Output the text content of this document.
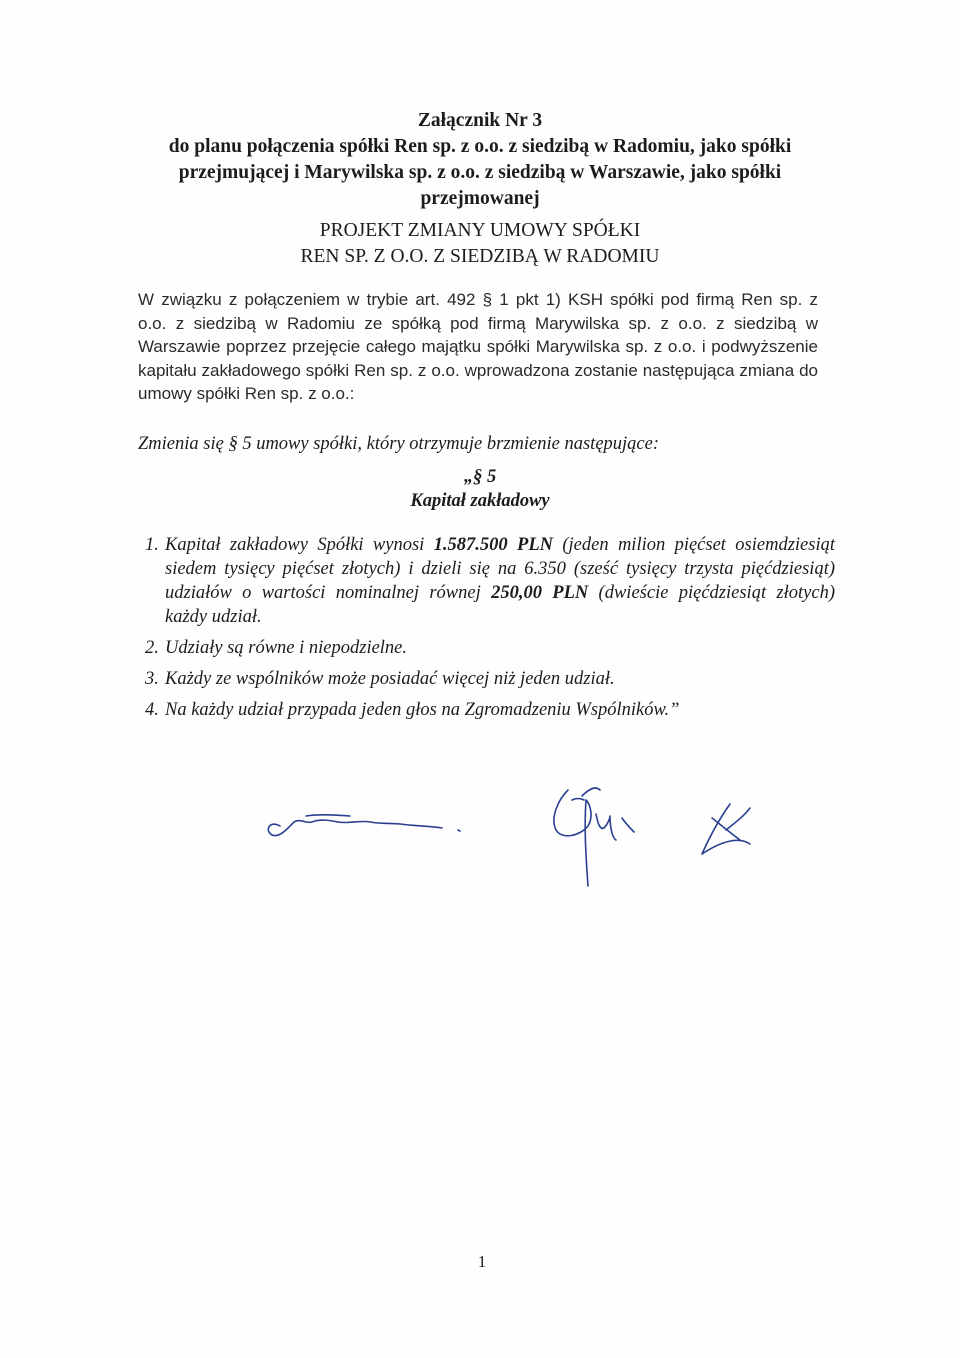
Załącznik Nr 3
do planu połączenia spółki Ren sp. z o.o. z siedzibą w Radomiu, jako spółki
przejmującej i Marywilska sp. z o.o. z siedzibą w Warszawie, jako spółki
przejmowanej
PROJEKT ZMIANY UMOWY SPÓŁKI
REN SP. Z O.O. Z SIEDZIBĄ W RADOMIU
W związku z połączeniem w trybie art. 492 § 1 pkt 1) KSH spółki pod firmą Ren sp. z
o.o. z siedzibą w Radomiu ze spółką pod firmą Marywilska sp. z o.o. z siedzibą w
Warszawie poprzez przejęcie całego majątku spółki Marywilska sp. z o.o. i podwyższenie
kapitału zakładowego spółki Ren sp. z o.o. wprowadzona zostanie następująca zmiana do
umowy spółki Ren sp. z o.o.:
Zmienia się § 5 umowy spółki, który otrzymuje brzmienie następujące:
„§ 5
Kapitał zakładowy
1. Kapitał zakładowy Spółki wynosi 1.587.500 PLN (jeden milion pięćset osiemdziesiąt
siedem tysięcy pięćset złotych) i dzieli się na 6.350 (sześć tysięcy trzysta pięćdziesiąt)
udziałów o wartości nominalnej równej 250,00 PLN (dwieście pięćdziesiąt złotych)
każdy udział.
2. Udziały są równe i niepodzielne.
3. Każdy ze wspólników może posiadać więcej niż jeden udział.
4. Na każdy udział przypada jeden głos na Zgromadzeniu Wspólników.”
1
